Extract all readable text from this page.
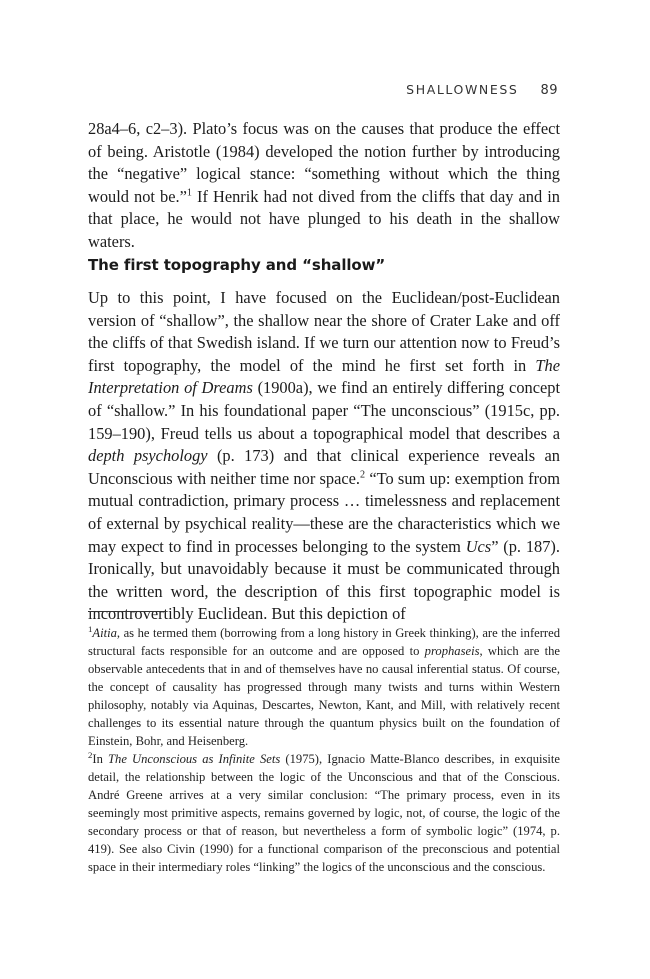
SHALLOWNESS 89

28a4–6, c2–3). Plato’s focus was on the causes that produce the effect of being. Aristotle (1984) developed the notion further by introducing the “negative” logical stance: “something without which the thing would not be.”$^1$ If Henrik had not dived from the cliffs that day and in that place, he would not have plunged to his death in the shallow waters.

The first topography and “shallow”

Up to this point, I have focused on the Euclidean/post-Euclidean version of “shallow”, the shallow near the shore of Crater Lake and off the cliffs of that Swedish island. If we turn our attention now to Freud’s first topography, the model of the mind he first set forth in The Interpretation of Dreams (1900a), we find an entirely differing concept of “shallow.” In his foundational paper “The unconscious” (1915c, pp. 159–190), Freud tells us about a topographical model that describes a depth psychology (p. 173) and that clinical experience reveals an Unconscious with neither time nor space.$^2$ “To sum up: exemption from mutual contradiction, primary process … timelessness and replacement of external by psychical reality—these are the characteristics which we may expect to find in processes belonging to the system Ucs” (p. 187). Ironically, but unavoidably because it must be communicated through the written word, the description of this first topographic model is incontrovertibly Euclidean. But this depiction of

$^1$Aitia, as he termed them (borrowing from a long history in Greek thinking), are the inferred structural facts responsible for an outcome and are opposed to prophaseis, which are the observable antecedents that in and of themselves have no causal inferential status. Of course, the concept of causality has progressed through many twists and turns within Western philosophy, notably via Aquinas, Descartes, Newton, Kant, and Mill, with relatively recent challenges to its essential nature through the quantum physics built on the foundation of Einstein, Bohr, and Heisenberg.

$^2$In The Unconscious as Infinite Sets (1975), Ignacio Matte-Blanco describes, in exquisite detail, the relationship between the logic of the Unconscious and that of the Conscious. André Greene arrives at a very similar conclusion: “The primary process, even in its seemingly most primitive aspects, remains governed by logic, not, of course, the logic of the secondary process or that of reason, but nevertheless a form of symbolic logic” (1974, p. 419). See also Civin (1990) for a functional comparison of the preconscious and potential space in their intermediary roles “linking” the logics of the unconscious and the conscious.
